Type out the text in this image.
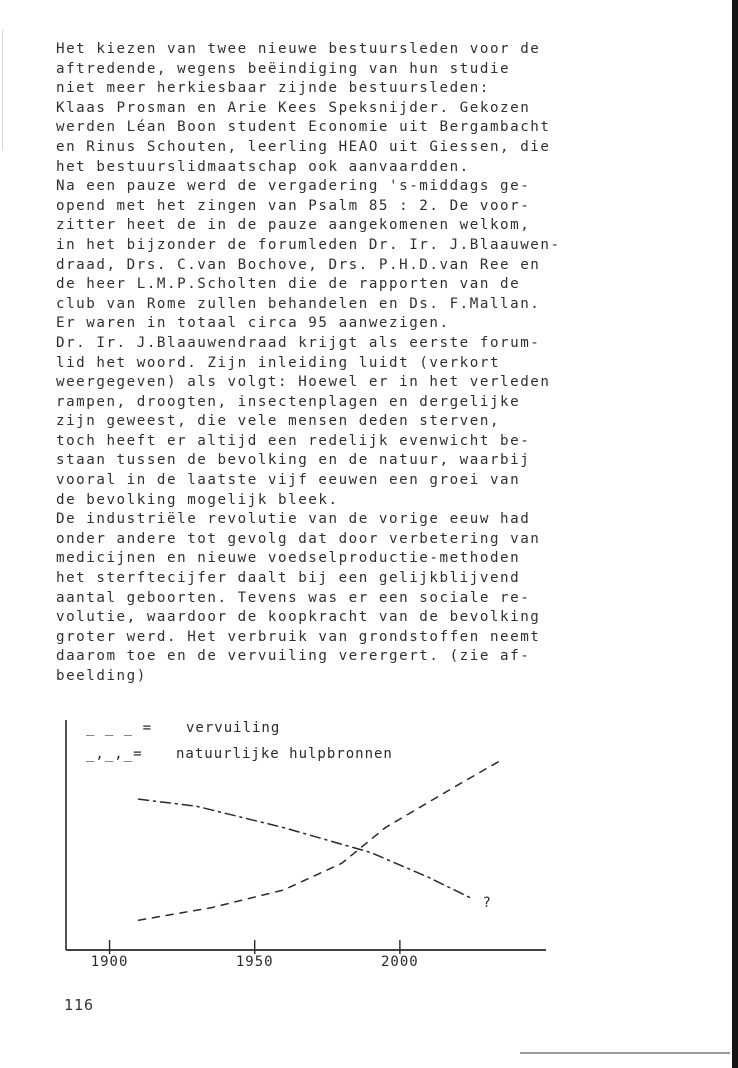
Het kiezen van twee nieuwe bestuursleden voor de
aftredende, wegens beëindiging van hun studie
niet meer herkiesbaar zijnde bestuursleden:
Klaas Prosman en Arie Kees Speksnijder. Gekozen
werden Léan Boon student Economie uit Bergambacht
en Rinus Schouten, leerling HEAO uit Giessen, die
het bestuurslidmaatschap ook aanvaardden.
Na een pauze werd de vergadering 's-middags ge-
opend met het zingen van Psalm 85 : 2. De voor-
zitter heet de in de pauze aangekomenen welkom,
in het bijzonder de forumleden Dr. Ir. J.Blaauwen-
draad, Drs. C.van Bochove, Drs. P.H.D.van Ree en
de heer L.M.P.Scholten die de rapporten van de
club van Rome zullen behandelen en Ds. F.Mallan.
Er waren in totaal circa 95 aanwezigen.
Dr. Ir. J.Blaauwendraad krijgt als eerste forum-
lid het woord. Zijn inleiding luidt (verkort
weergegeven) als volgt: Hoewel er in het verleden
rampen, droogten, insectenplagen en dergelijke
zijn geweest, die vele mensen deden sterven,
toch heeft er altijd een redelijk evenwicht be-
staan tussen de bevolking en de natuur, waarbij
vooral in de laatste vijf eeuwen een groei van
de bevolking mogelijk bleek.
De industriële revolutie van de vorige eeuw had
onder andere tot gevolg dat door verbetering van
medicijnen en nieuwe voedselproductie-methoden
het sterftecijfer daalt bij een gelijkblijvend
aantal geboorten. Tevens was er een sociale re-
volutie, waardoor de koopkracht van de bevolking
groter werd. Het verbruik van grondstoffen neemt
daarom toe en de vervuiling verergert. (zie af-
beelding)
1900	1950	2000
_ _ _ = vervuiling
_,_,_= natuurlijke hulpbronnen
?
116
